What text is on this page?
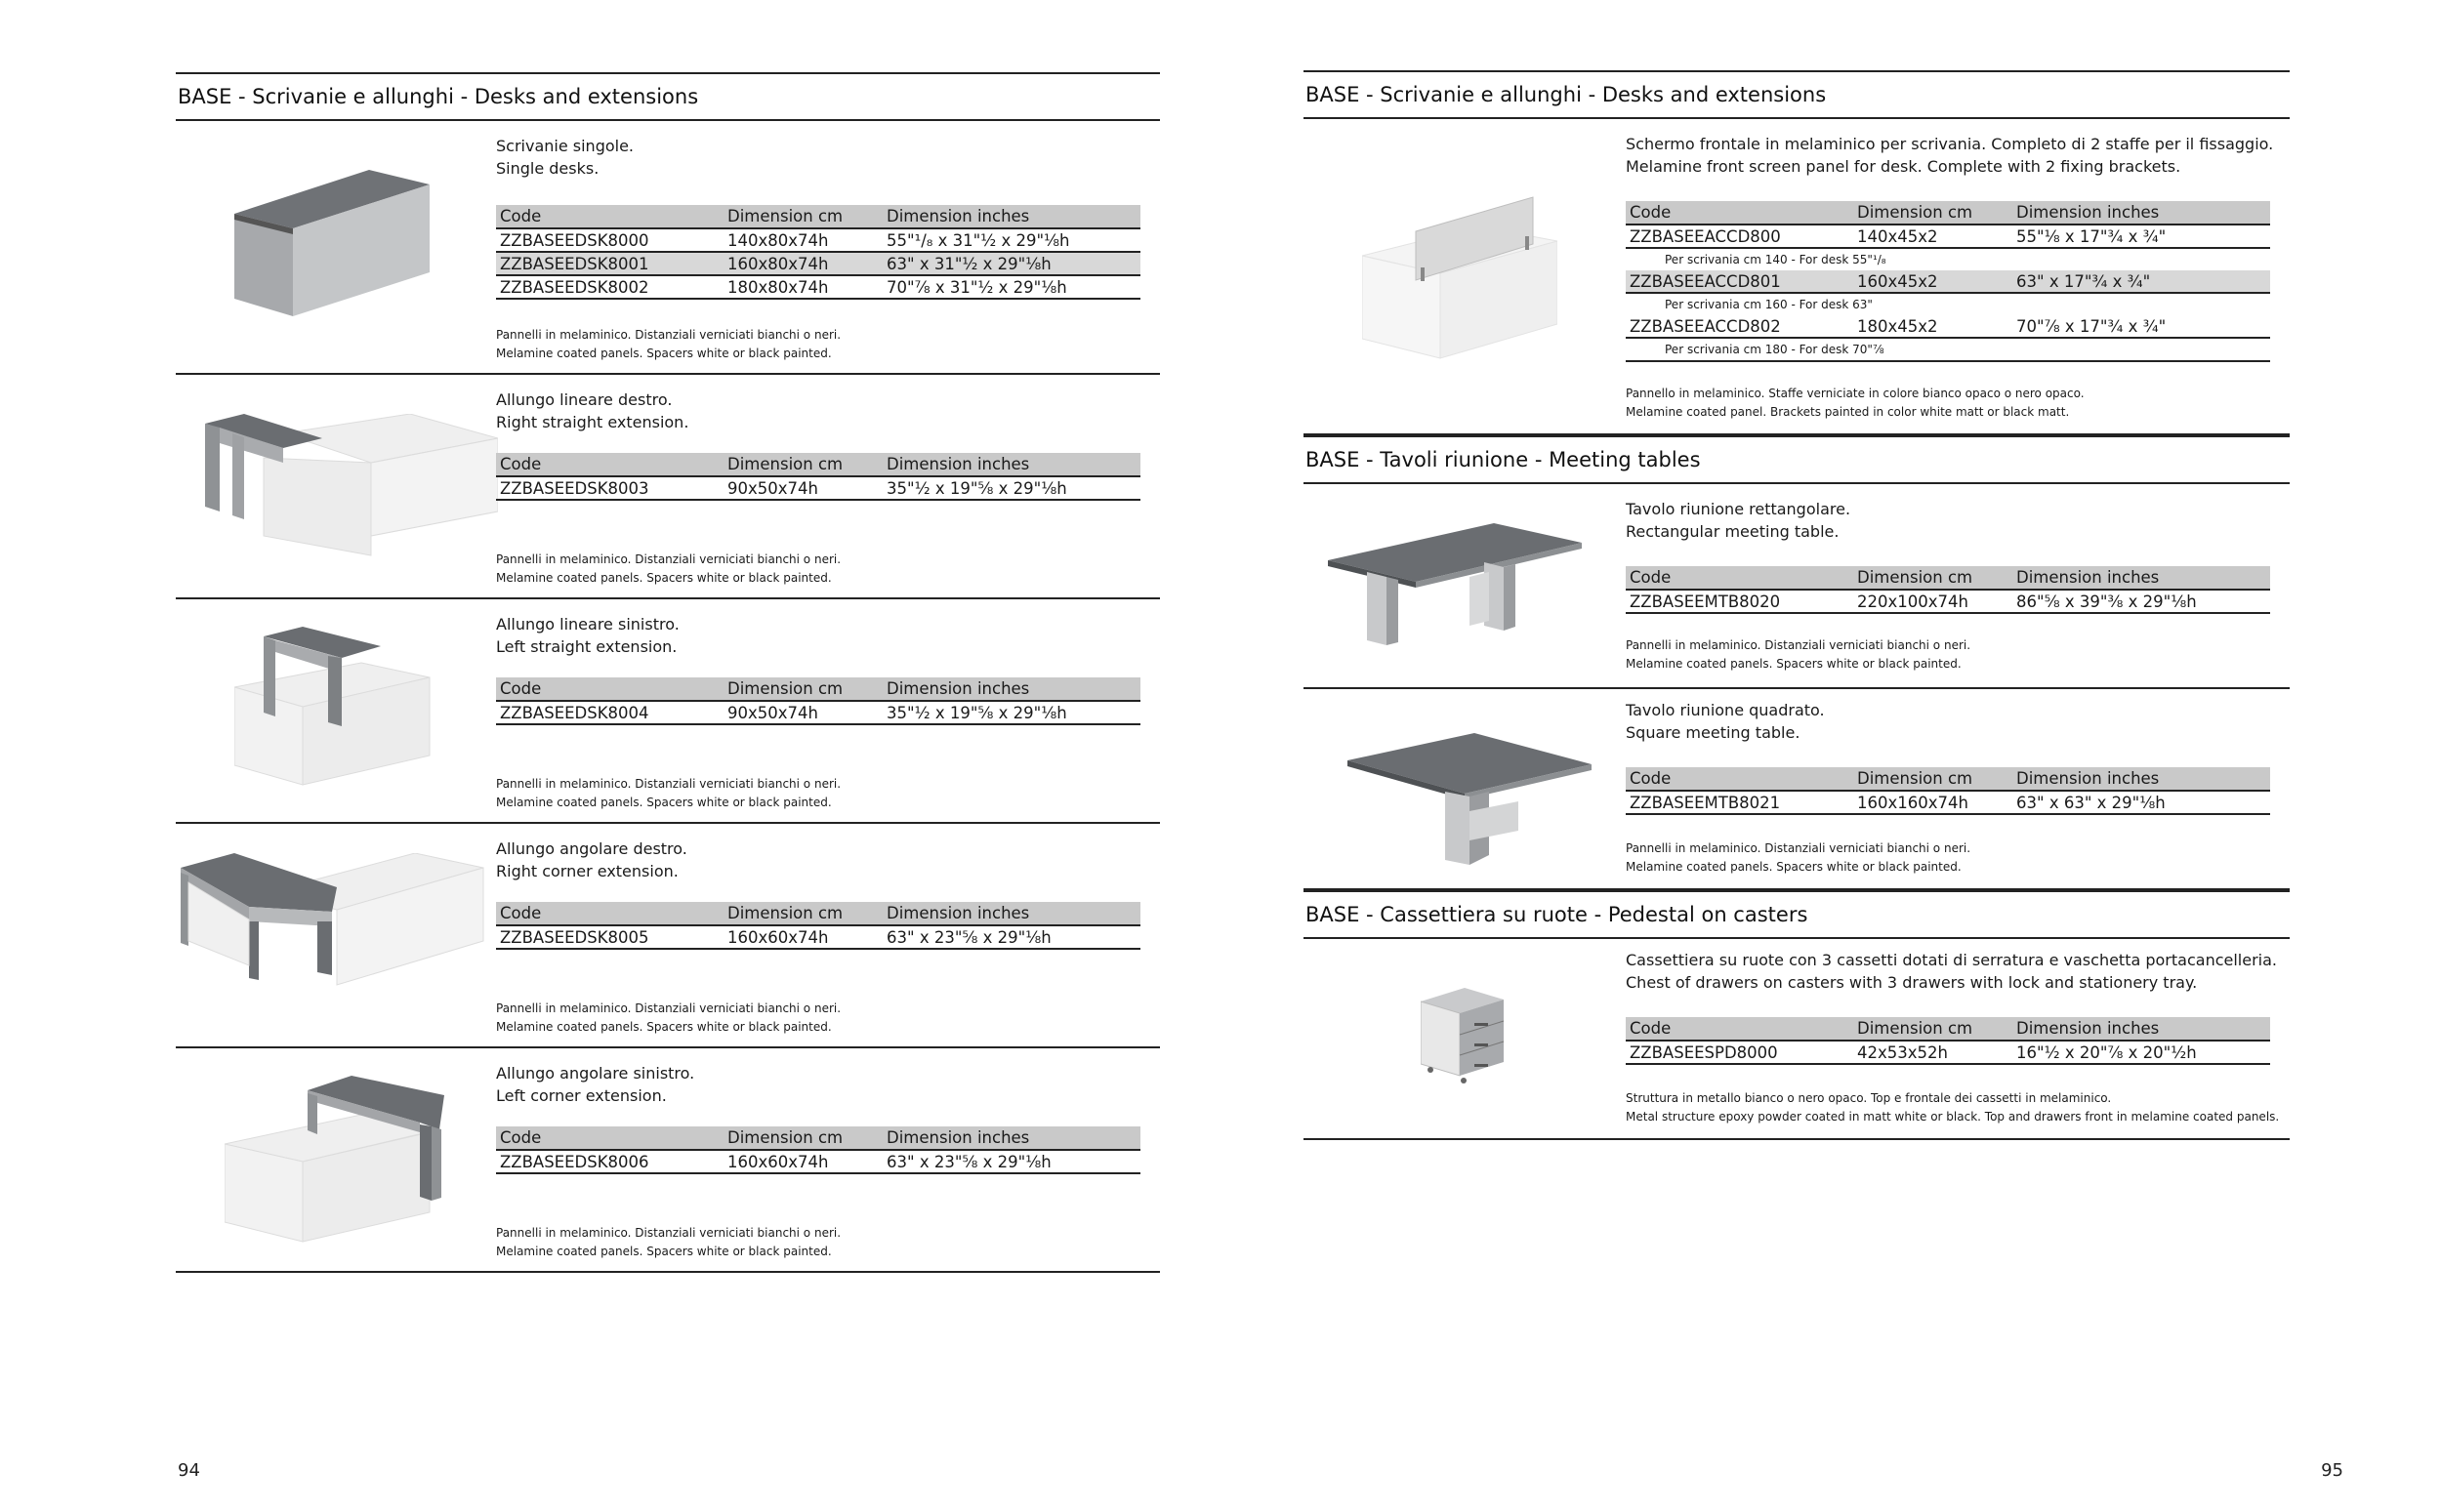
BASE - Scrivanie e allunghi - Desks and extensions
Scrivanie singole.
Single desks.
Code	Dimension cm	Dimension inches
ZZBASEEDSK8000	140x80x74h	55"¹/₈ x 31"½ x 29"⅛h
ZZBASEEDSK8001	160x80x74h	63" x 31"½ x 29"⅛h
ZZBASEEDSK8002	180x80x74h	70"⅞ x 31"½ x 29"⅛h
Pannelli in melaminico. Distanziali verniciati bianchi o neri.
Melamine coated panels. Spacers white or black painted.
Allungo lineare destro.
Right straight extension.
Code	Dimension cm	Dimension inches
ZZBASEEDSK8003	90x50x74h	35"½ x 19"⅝ x 29"⅛h
Pannelli in melaminico. Distanziali verniciati bianchi o neri.
Melamine coated panels. Spacers white or black painted.
Allungo lineare sinistro.
Left straight extension.
Code	Dimension cm	Dimension inches
ZZBASEEDSK8004	90x50x74h	35"½ x 19"⅝ x 29"⅛h
Pannelli in melaminico. Distanziali verniciati bianchi o neri.
Melamine coated panels. Spacers white or black painted.
Allungo angolare destro.
Right corner extension.
Code	Dimension cm	Dimension inches
ZZBASEEDSK8005	160x60x74h	63" x 23"⅝ x 29"⅛h
Pannelli in melaminico. Distanziali verniciati bianchi o neri.
Melamine coated panels. Spacers white or black painted.
Allungo angolare sinistro.
Left corner extension.
Code	Dimension cm	Dimension inches
ZZBASEEDSK8006	160x60x74h	63" x 23"⅝ x 29"⅛h
Pannelli in melaminico. Distanziali verniciati bianchi o neri.
Melamine coated panels. Spacers white or black painted.
94
BASE - Scrivanie e allunghi - Desks and extensions
Schermo frontale in melaminico per scrivania. Completo di 2 staffe per il fissaggio.
Melamine front screen panel for desk. Complete with 2 fixing brackets.
Code	Dimension cm	Dimension inches
ZZBASEEACCD800	140x45x2	55"⅛ x 17"¾ x ¾"
Per scrivania cm 140 - For desk 55"¹/₈		
ZZBASEEACCD801	160x45x2	63" x 17"¾ x ¾"
Per scrivania cm 160 - For desk 63"		
ZZBASEEACCD802	180x45x2	70"⅞ x 17"¾ x ¾"
Per scrivania cm 180 - For desk 70"⅞		
Pannello in melaminico. Staffe verniciate in colore bianco opaco o nero opaco.
Melamine coated panel. Brackets painted in color white matt or black matt.
BASE - Tavoli riunione - Meeting tables
Tavolo riunione rettangolare.
Rectangular meeting table.
Code	Dimension cm	Dimension inches
ZZBASEEMTB8020	220x100x74h	86"⅝ x 39"⅜ x 29"⅛h
Pannelli in melaminico. Distanziali verniciati bianchi o neri.
Melamine coated panels. Spacers white or black painted.
Tavolo riunione quadrato.
Square meeting table.
Code	Dimension cm	Dimension inches
ZZBASEEMTB8021	160x160x74h	63" x 63" x 29"⅛h
Pannelli in melaminico. Distanziali verniciati bianchi o neri.
Melamine coated panels. Spacers white or black painted.
BASE - Cassettiera su ruote - Pedestal on casters
Cassettiera su ruote con 3 cassetti dotati di serratura e vaschetta portacancelleria.
Chest of drawers on casters with 3 drawers with lock and stationery tray.
Code	Dimension cm	Dimension inches
ZZBASEESPD8000	42x53x52h	16"½ x 20"⅞ x 20"½h
Struttura in metallo bianco o nero opaco. Top e frontale dei cassetti in melaminico.
Metal structure epoxy powder coated in matt white or black. Top and drawers front in melamine coated panels.
95
